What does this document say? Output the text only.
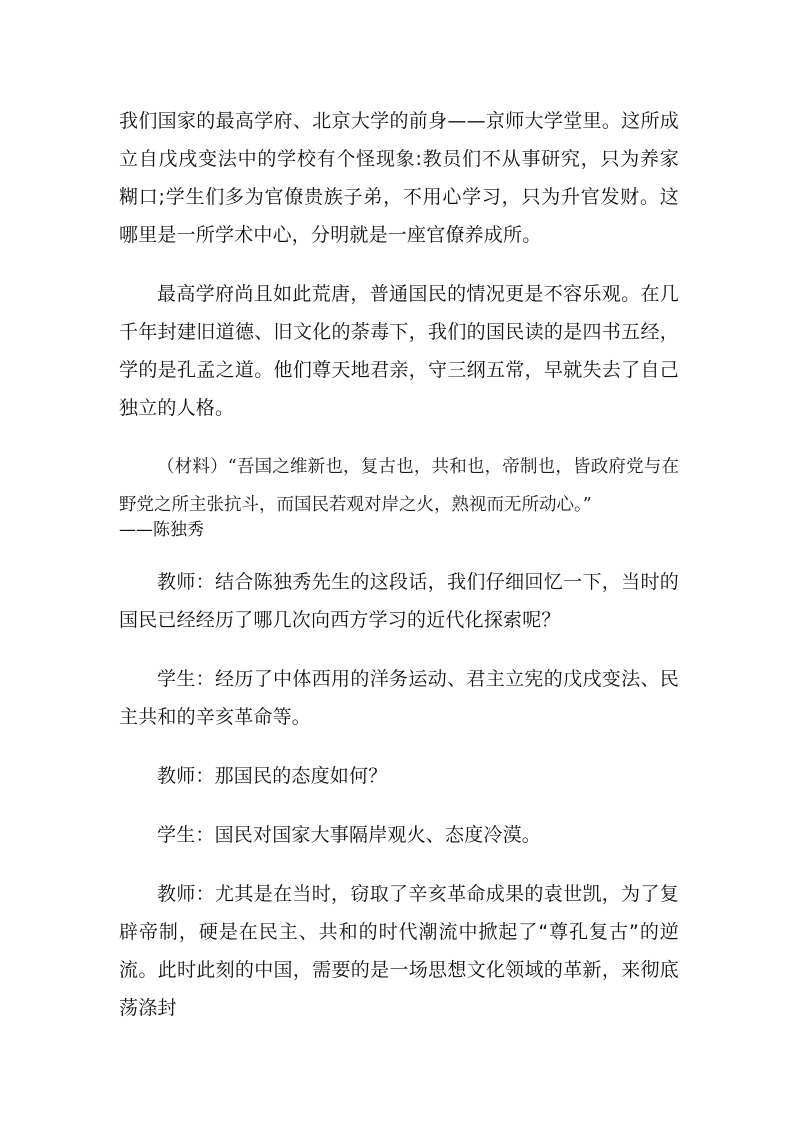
我们国家的最高学府、北京大学的前身——京师大学堂里。这所成立自戊戌变法中的学校有个怪现象:教员们不从事研究，只为养家糊口;学生们多为官僚贵族子弟，不用心学习，只为升官发财。这哪里是一所学术中心，分明就是一座官僚养成所。

最高学府尚且如此荒唐，普通国民的情况更是不容乐观。在几千年封建旧道德、旧文化的荼毒下，我们的国民读的是四书五经，学的是孔孟之道。他们尊天地君亲，守三纲五常，早就失去了自己独立的人格。

（材料）“吾国之维新也，复古也，共和也，帝制也，皆政府党与在野党之所主张抗斗，而国民若观对岸之火，熟视而无所动心。”

——陈独秀

教师：结合陈独秀先生的这段话，我们仔细回忆一下，当时的国民已经经历了哪几次向西方学习的近代化探索呢？

学生：经历了中体西用的洋务运动、君主立宪的戊戌变法、民主共和的辛亥革命等。

教师：那国民的态度如何？

学生：国民对国家大事隔岸观火、态度冷漠。

教师：尤其是在当时，窃取了辛亥革命成果的袁世凯，为了复辟帝制，硬是在民主、共和的时代潮流中掀起了“尊孔复古”的逆流。此时此刻的中国，需要的是一场思想文化领域的革新，来彻底荡涤封
